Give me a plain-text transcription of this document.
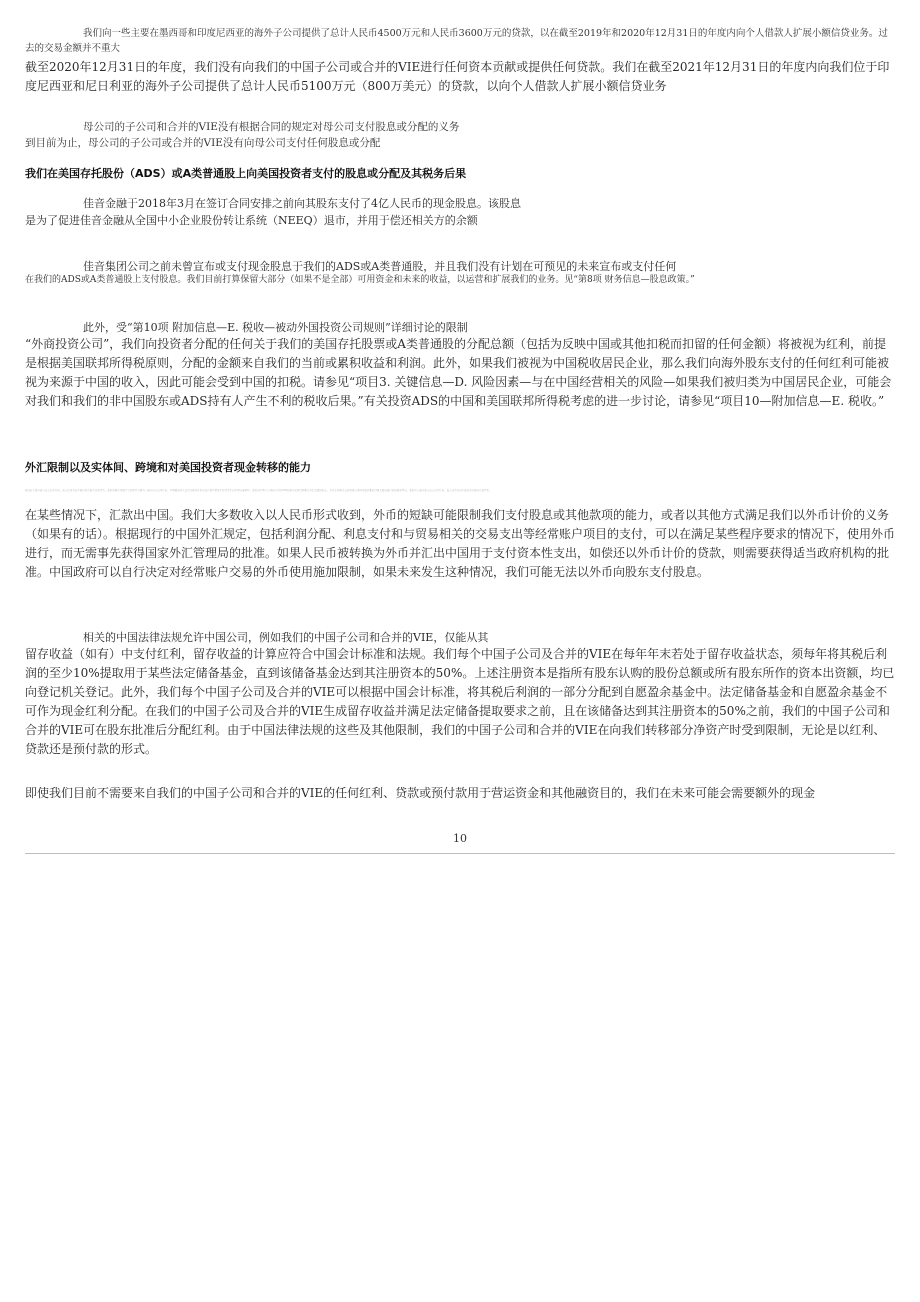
我们向一些主要在墨西哥和印度尼西亚的海外子公司提供了总计人民币4500万元和人民币3600万元的贷款，以在截至2019年和2020年12月31日的年度内向个人借款人扩展小额信贷业务。过去的交易金额并不重大

截至2020年12月31日的年度，我们没有向我们的中国子公司或合并的VIE进行任何资本贡献或提供任何贷款。我们在截至2021年12月31日的年度内向我们位于印度尼西亚和尼日利亚的海外子公司提供了总计人民币5100万元（800万美元）的贷款，以向个人借款人扩展小额信贷业务

母公司的子公司和合并的VIE没有根据合同的规定对母公司支付股息或分配的义务

到目前为止，母公司的子公司或合并的VIE没有向母公司支付任何股息或分配

我们在美国存托股份（ADS）或A类普通股上向美国投资者支付的股息或分配及其税务后果

佳音金融于2018年3月在签订合同安排之前向其股东支付了4亿人民币的现金股息。该股息

是为了促进佳音金融从全国中小企业股份转让系统（NEEQ）退市，并用于偿还相关方的余额

佳音集团公司之前未曾宣布或支付现金股息于我们的ADS或A类普通股，并且我们没有计划在可预见的未来宣布或支付任何

在我们的ADS或A类普通股上支付股息。我们目前打算保留大部分（如果不是全部）可用资金和未来的收益，以运营和扩展我们的业务。见“第8项 财务信息—股息政策。”

此外，受“第10项 附加信息—E. 税收—被动外国投资公司规则”详细讨论的限制

“外商投资公司”，我们向投资者分配的任何关于我们的美国存托股票或A类普通股的分配总额（包括为反映中国或其他扣税而扣留的任何金额）将被视为红利，前提是根据美国联邦所得税原则，分配的金额来自我们的当前或累积收益和利润。此外，如果我们被视为中国税收居民企业，那么我们向海外股东支付的任何红利可能被视为来源于中国的收入，因此可能会受到中国的扣税。请参见“项目3. 关键信息—D. 风险因素—与在中国经营相关的风险—如果我们被归类为中国居民企业，可能会对我们和我们的非中国股东或ADS持有人产生不利的税收后果。”有关投资ADS的中国和美国联邦所得税考虑的进一步讨论，请参见“项目10—附加信息—E. 税收。”

外汇限制以及实体间、跨境和对美国投资者现金转移的能力

我们的大部分收入以人民币计价，而人民币目前不能自由兑换为其他货币。我们的现金及现金等价物中有相当一部分以人民币计价。中国政府对人民币兑换为外币以及在某些情况下将货币汇出中国实施管控。我们的中国子公司和合并的VIE的现金转移受到相关外汇法规的约束，并且在将现金支付给母公司时可能需要获得相关政府部门的批准或登记。我们的大部分收入以人民币计价，而人民币目前不能自由兑换为其他货币。

在某些情况下，汇款出中国。我们大多数收入以人民币形式收到，外币的短缺可能限制我们支付股息或其他款项的能力，或者以其他方式满足我们以外币计价的义务（如果有的话）。根据现行的中国外汇规定，包括利润分配、利息支付和与贸易相关的交易支出等经常账户项目的支付，可以在满足某些程序要求的情况下，使用外币进行，而无需事先获得国家外汇管理局的批准。如果人民币被转换为外币并汇出中国用于支付资本性支出，如偿还以外币计价的贷款，则需要获得适当政府机构的批准。中国政府可以自行决定对经常账户交易的外币使用施加限制，如果未来发生这种情况，我们可能无法以外币向股东支付股息。

相关的中国法律法规允许中国公司，例如我们的中国子公司和合并的VIE，仅能从其

留存收益（如有）中支付红利，留存收益的计算应符合中国会计标准和法规。我们每个中国子公司及合并的VIE在每年年末若处于留存收益状态，须每年将其税后利润的至少10%提取用于某些法定储备基金，直到该储备基金达到其注册资本的50%。上述注册资本是指所有股东认购的股份总额或所有股东所作的资本出资额，均已向登记机关登记。此外，我们每个中国子公司及合并的VIE可以根据中国会计标准，将其税后利润的一部分分配到自愿盈余基金中。法定储备基金和自愿盈余基金不可作为现金红利分配。在我们的中国子公司及合并的VIE生成留存收益并满足法定储备提取要求之前，且在该储备达到其注册资本的50%之前，我们的中国子公司和合并的VIE可在股东批准后分配红利。由于中国法律法规的这些及其他限制，我们的中国子公司和合并的VIE在向我们转移部分净资产时受到限制，无论是以红利、贷款还是预付款的形式。

即使我们目前不需要来自我们的中国子公司和合并的VIE的任何红利、贷款或预付款用于营运资金和其他融资目的，我们在未来可能会需要额外的现金

10
